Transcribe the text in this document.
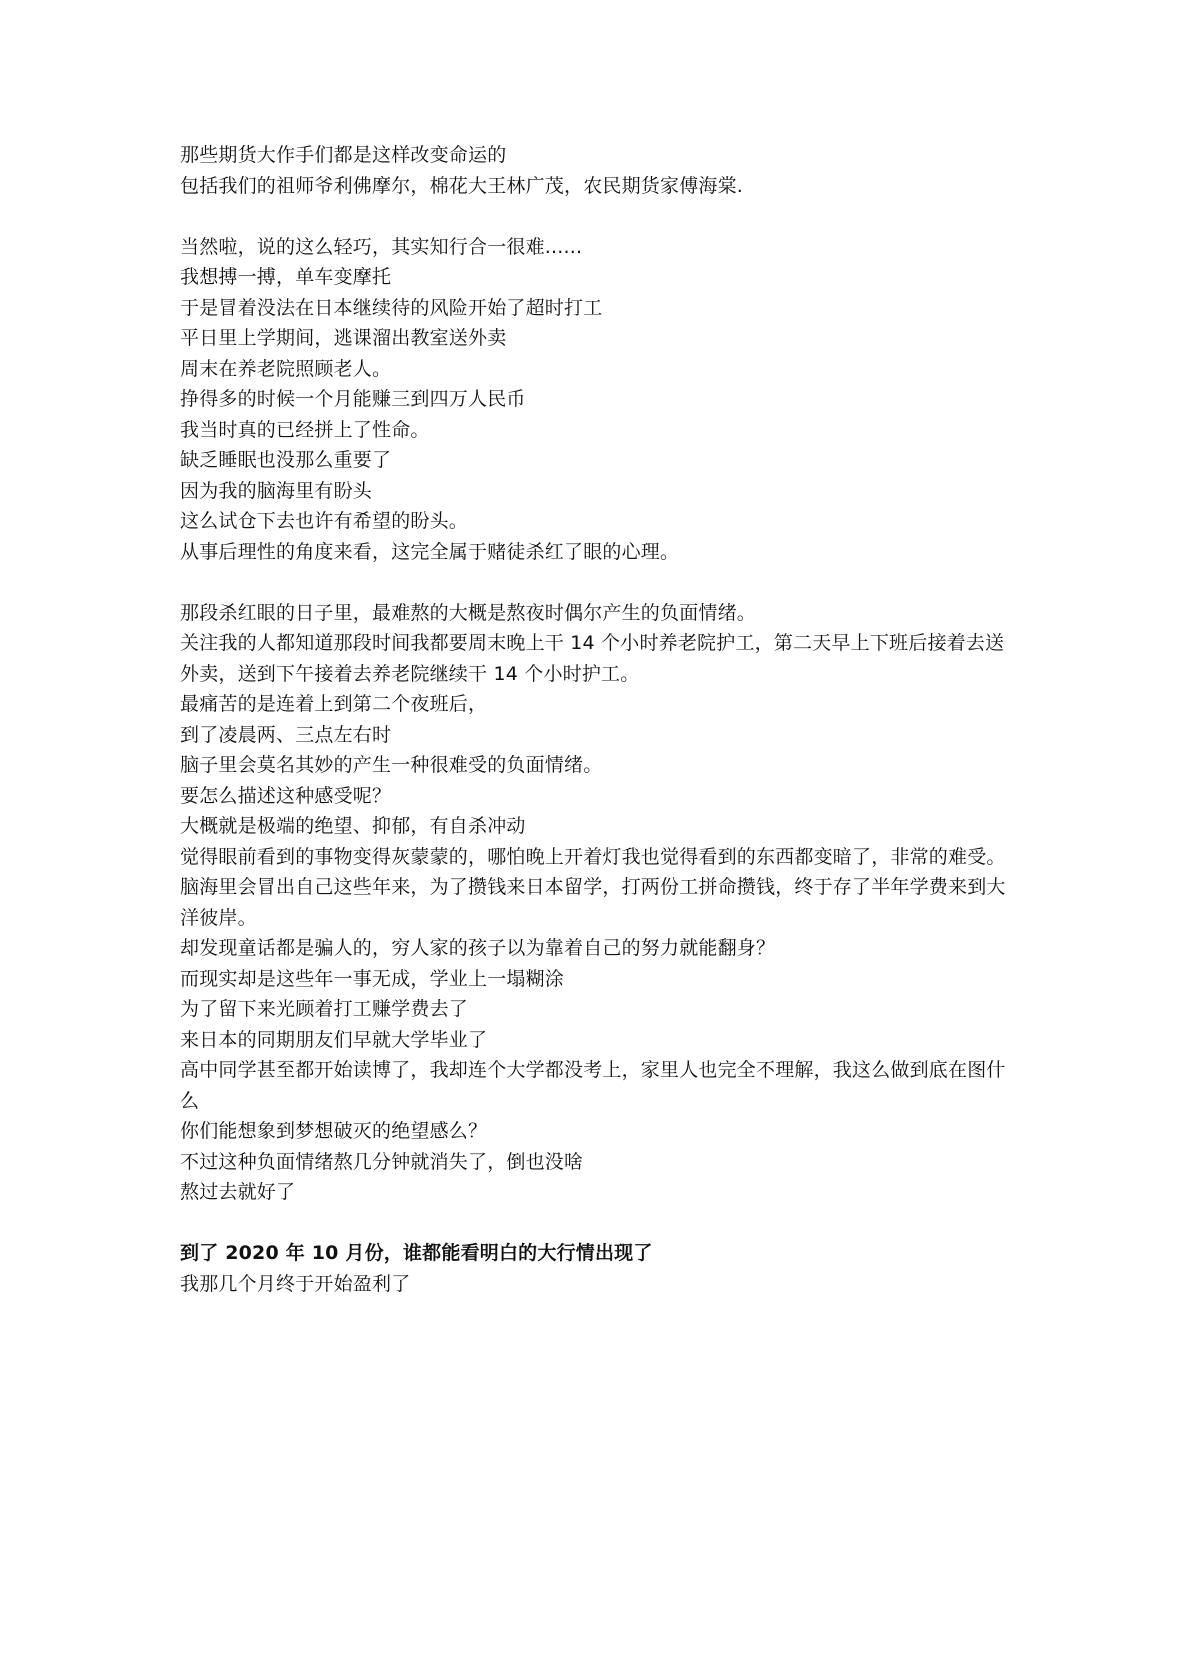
那些期货大作手们都是这样改变命运的

包括我们的祖师爷利佛摩尔，棉花大王林广茂，农民期货家傅海棠.

当然啦，说的这么轻巧，其实知行合一很难......

我想搏一搏，单车变摩托

于是冒着没法在日本继续待的风险开始了超时打工

平日里上学期间，逃课溜出教室送外卖

周末在养老院照顾老人。

挣得多的时候一个月能赚三到四万人民币

我当时真的已经拼上了性命。

缺乏睡眠也没那么重要了

因为我的脑海里有盼头

这么试仓下去也许有希望的盼头。

从事后理性的角度来看，这完全属于赌徒杀红了眼的心理。

那段杀红眼的日子里，最难熬的大概是熬夜时偶尔产生的负面情绪。

关注我的人都知道那段时间我都要周末晚上干 14 个小时养老院护工，第二天早上下班后接着去送外卖，送到下午接着去养老院继续干 14 个小时护工。

最痛苦的是连着上到第二个夜班后，

到了凌晨两、三点左右时

脑子里会莫名其妙的产生一种很难受的负面情绪。

要怎么描述这种感受呢？

大概就是极端的绝望、抑郁，有自杀冲动

觉得眼前看到的事物变得灰蒙蒙的，哪怕晚上开着灯我也觉得看到的东西都变暗了，非常的难受。

脑海里会冒出自己这些年来，为了攒钱来日本留学，打两份工拼命攒钱，终于存了半年学费来到大洋彼岸。

却发现童话都是骗人的，穷人家的孩子以为靠着自己的努力就能翻身？

而现实却是这些年一事无成，学业上一塌糊涂

为了留下来光顾着打工赚学费去了

来日本的同期朋友们早就大学毕业了

高中同学甚至都开始读博了，我却连个大学都没考上，家里人也完全不理解，我这么做到底在图什么

你们能想象到梦想破灭的绝望感么？

不过这种负面情绪熬几分钟就消失了，倒也没啥

熬过去就好了

到了 2020 年 10 月份，谁都能看明白的大行情出现了

我那几个月终于开始盈利了
